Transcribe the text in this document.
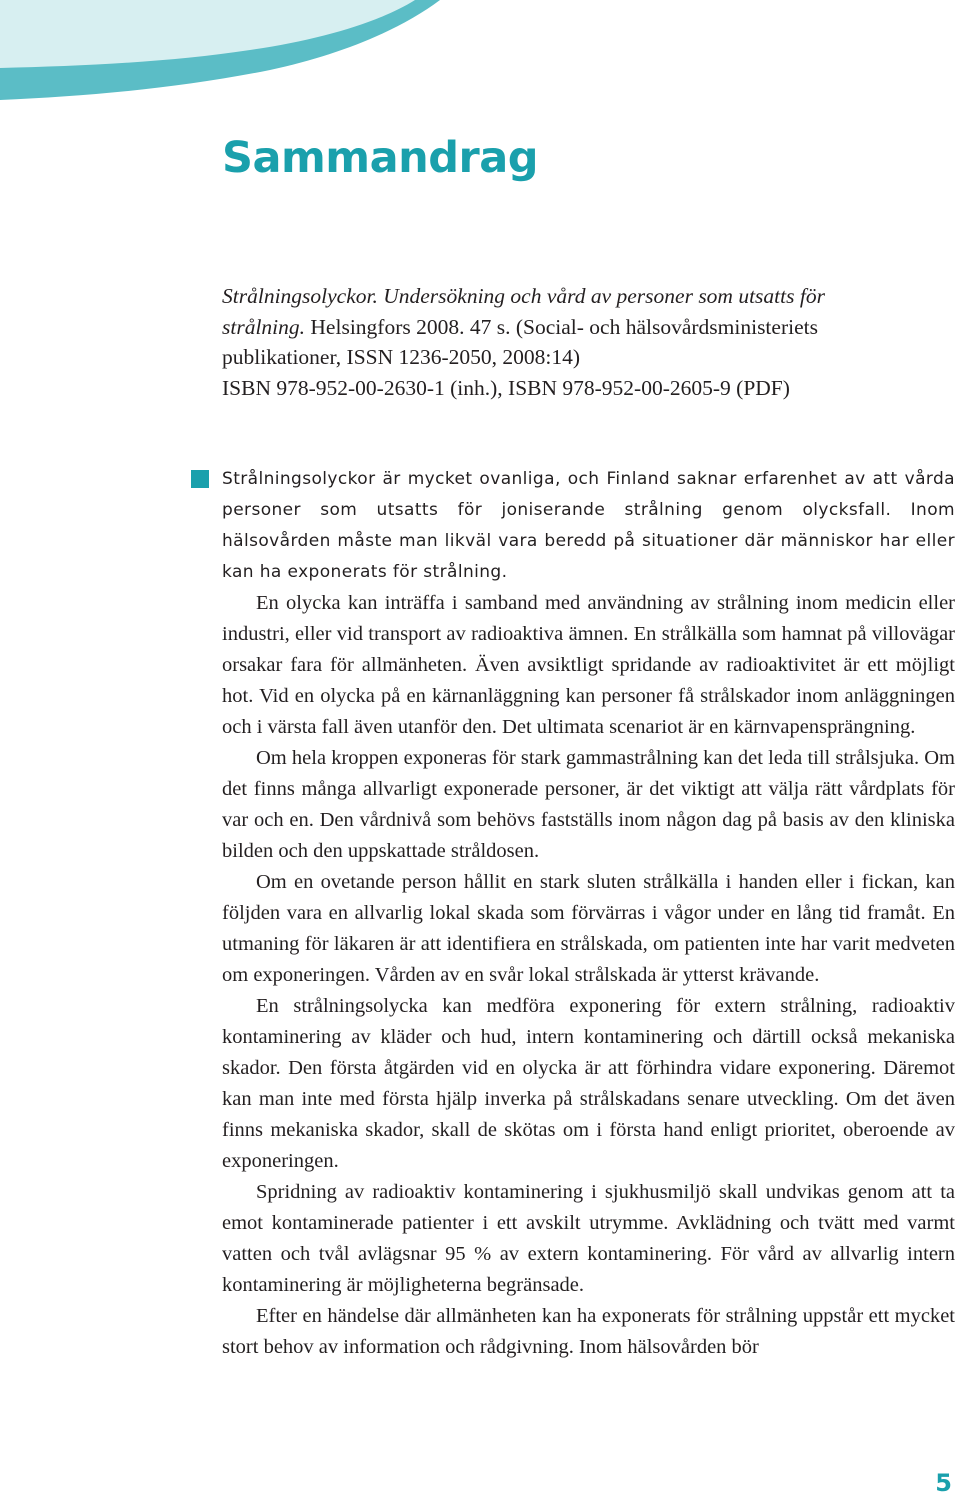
Sammandrag
Strålningsolyckor. Undersökning och vård av personer som utsatts för
strålning. Helsingfors 2008. 47 s. (Social- och hälsovårdsministeriets
publikationer, ISSN 1236-2050, 2008:14)
ISBN 978-952-00-2630-1 (inh.), ISBN 978-952-00-2605-9 (PDF)

Strålningsolyckor är mycket ovanliga, och Finland saknar erfarenhet av att vårda personer som utsatts för joniserande strålning genom olycksfall. Inom hälsovården måste man likväl vara beredd på situationer där människor har eller kan ha exponerats för strålning.

En olycka kan inträffa i samband med användning av strålning inom medicin eller industri, eller vid transport av radioaktiva ämnen. En strålkälla som hamnat på villovägar orsakar fara för allmänheten. Även avsiktligt spridande av radioaktivitet är ett möjligt hot. Vid en olycka på en kärnanläggning kan personer få strålskador inom anläggningen och i värsta fall även utanför den. Det ultimata scenariot är en kärnvapensprängning.

Om hela kroppen exponeras för stark gammastrålning kan det leda till strålsjuka. Om det finns många allvarligt exponerade personer, är det viktigt att välja rätt vårdplats för var och en. Den vårdnivå som behövs fastställs inom någon dag på basis av den kliniska bilden och den uppskattade stråldosen.

Om en ovetande person hållit en stark sluten strålkälla i handen eller i fickan, kan följden vara en allvarlig lokal skada som förvärras i vågor under en lång tid framåt. En utmaning för läkaren är att identifiera en strålskada, om patienten inte har varit medveten om exponeringen. Vården av en svår lokal strålskada är ytterst krävande.

En strålningsolycka kan medföra exponering för extern strålning, radioaktiv kontaminering av kläder och hud, intern kontaminering och därtill också mekaniska skador. Den första åtgärden vid en olycka är att förhindra vidare exponering. Däremot kan man inte med första hjälp inverka på strålskadans senare utveckling. Om det även finns mekaniska skador, skall de skötas om i första hand enligt prioritet, oberoende av exponeringen.

Spridning av radioaktiv kontaminering i sjukhusmiljö skall undvikas genom att ta emot kontaminerade patienter i ett avskilt utrymme. Avklädning och tvätt med varmt vatten och tvål avlägsnar 95 % av extern kontaminering. För vård av allvarlig intern kontaminering är möjligheterna begränsade.

Efter en händelse där allmänheten kan ha exponerats för strålning uppstår ett mycket stort behov av information och rådgivning. Inom hälsovården bör

5
